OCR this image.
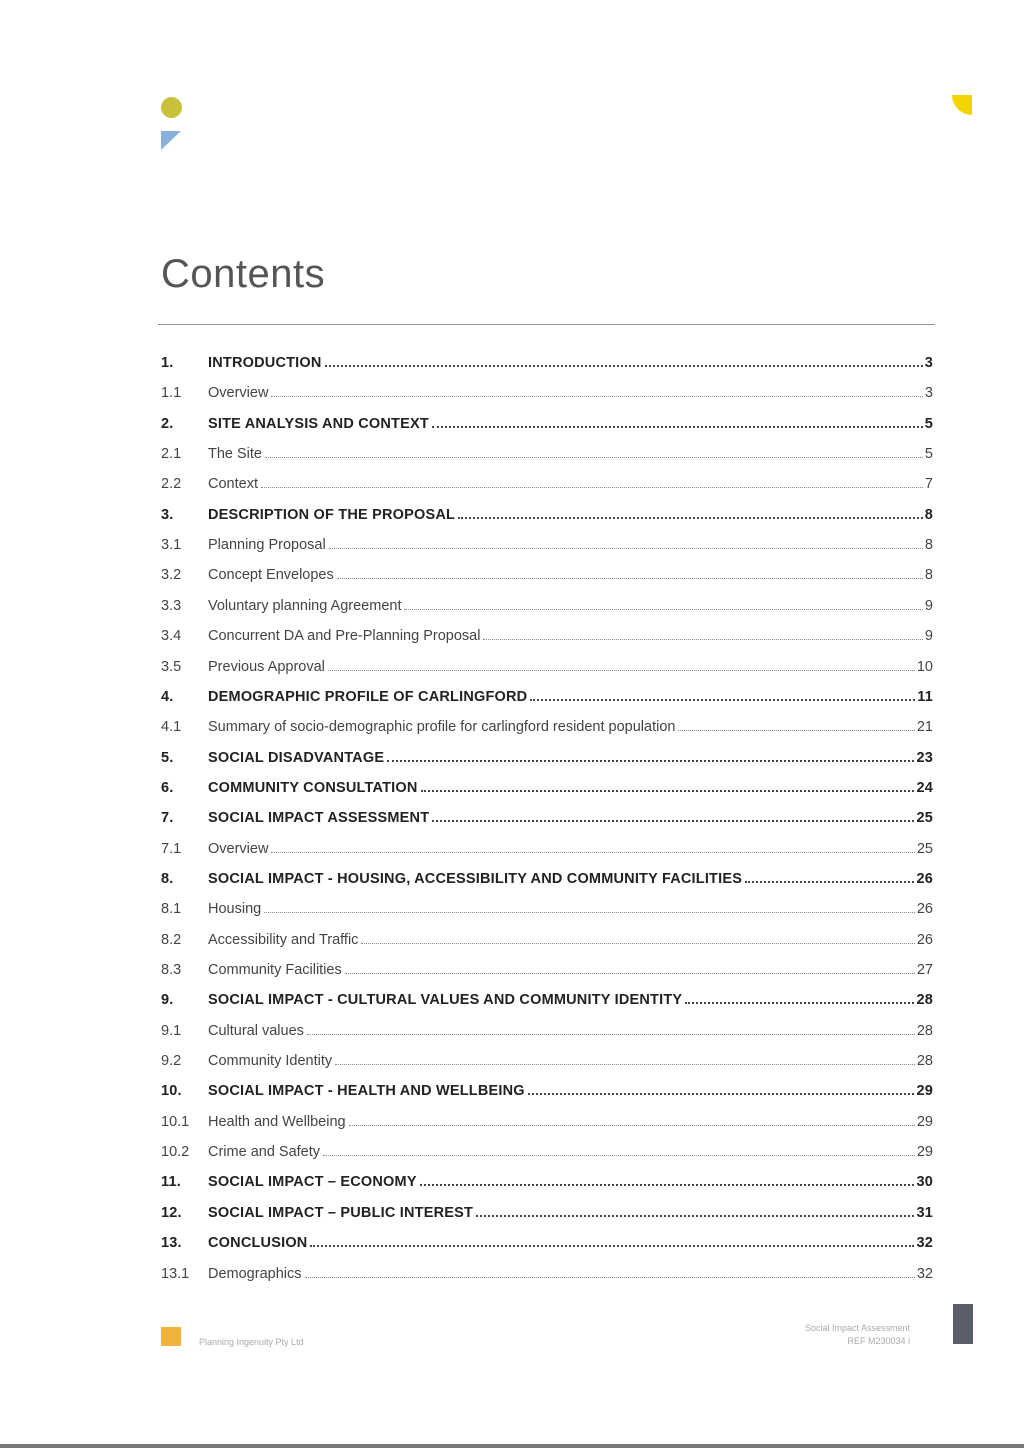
Contents
1.	INTRODUCTION	3
1.1	Overview	3
2.	SITE ANALYSIS AND CONTEXT	5
2.1	The Site	5
2.2	Context	7
3.	DESCRIPTION OF THE PROPOSAL	8
3.1	Planning Proposal	8
3.2	Concept Envelopes	8
3.3	Voluntary planning Agreement	9
3.4	Concurrent DA and Pre-Planning Proposal	9
3.5	Previous Approval	10
4.	DEMOGRAPHIC PROFILE OF CARLINGFORD	11
4.1	Summary of socio-demographic profile for carlingford resident population	21
5.	SOCIAL DISADVANTAGE	23
6.	COMMUNITY CONSULTATION	24
7.	SOCIAL IMPACT ASSESSMENT	25
7.1	Overview	25
8.	SOCIAL IMPACT - HOUSING, ACCESSIBILITY AND COMMUNITY FACILITIES	26
8.1	Housing	26
8.2	Accessibility and Traffic	26
8.3	Community Facilities	27
9.	SOCIAL IMPACT - CULTURAL VALUES AND COMMUNITY IDENTITY	28
9.1	Cultural values	28
9.2	Community Identity	28
10.	SOCIAL IMPACT - HEALTH AND WELLBEING	29
10.1	Health and Wellbeing	29
10.2	Crime and Safety	29
11.	SOCIAL IMPACT – ECONOMY	30
12.	SOCIAL IMPACT – PUBLIC INTEREST	31
13.	CONCLUSION	32
13.1	Demographics	32
Planning Ingenuity Pty Ltd
Social Impact Assessment
REF M230034 i
